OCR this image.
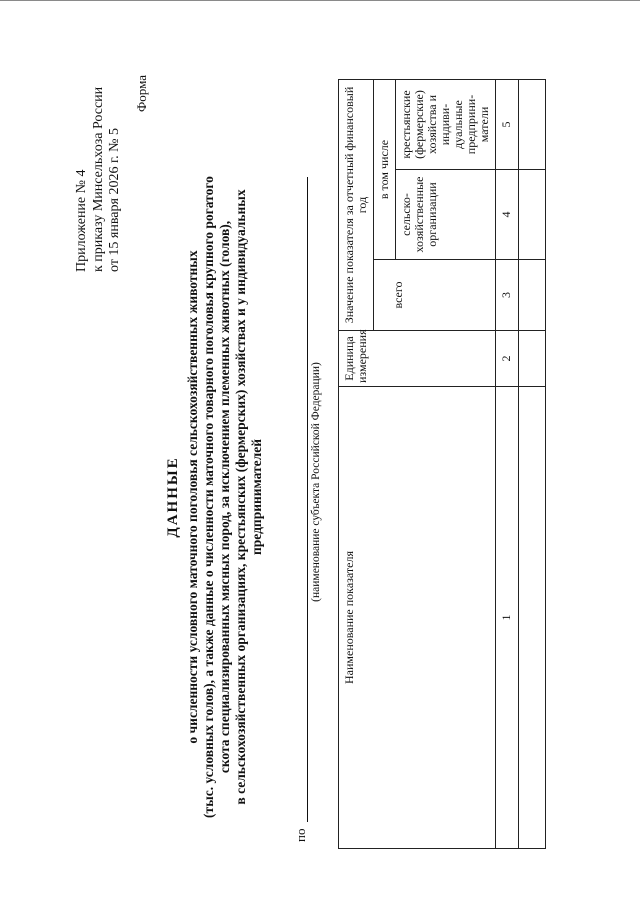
Приложение № 4 к приказу Минсельхоза России от 15 января 2026 г. № 5
Форма
ДАННЫЕ о численности условного маточного поголовья сельскохозяйственных животных (тыс. условных голов), а также данные о численности маточного товарного поголовья крупного рогатого скота специализированных мясных пород, за исключением племенных животных (голов), в сельскохозяйственных организациях, крестьянских (фермерских) хозяйствах и у индивидуальных предпринимателей
по
(наименование субъекта Российской Федерации)
Наименование показателя	Единица измерения	Значение показателя за отчетный финансовый год		
		всего	в том числе	
			сельско-хозяйственные организации	крестьянские (фермерские) хозяйства и индиви-дуальные предприни-матели
1	2	3	4	5
